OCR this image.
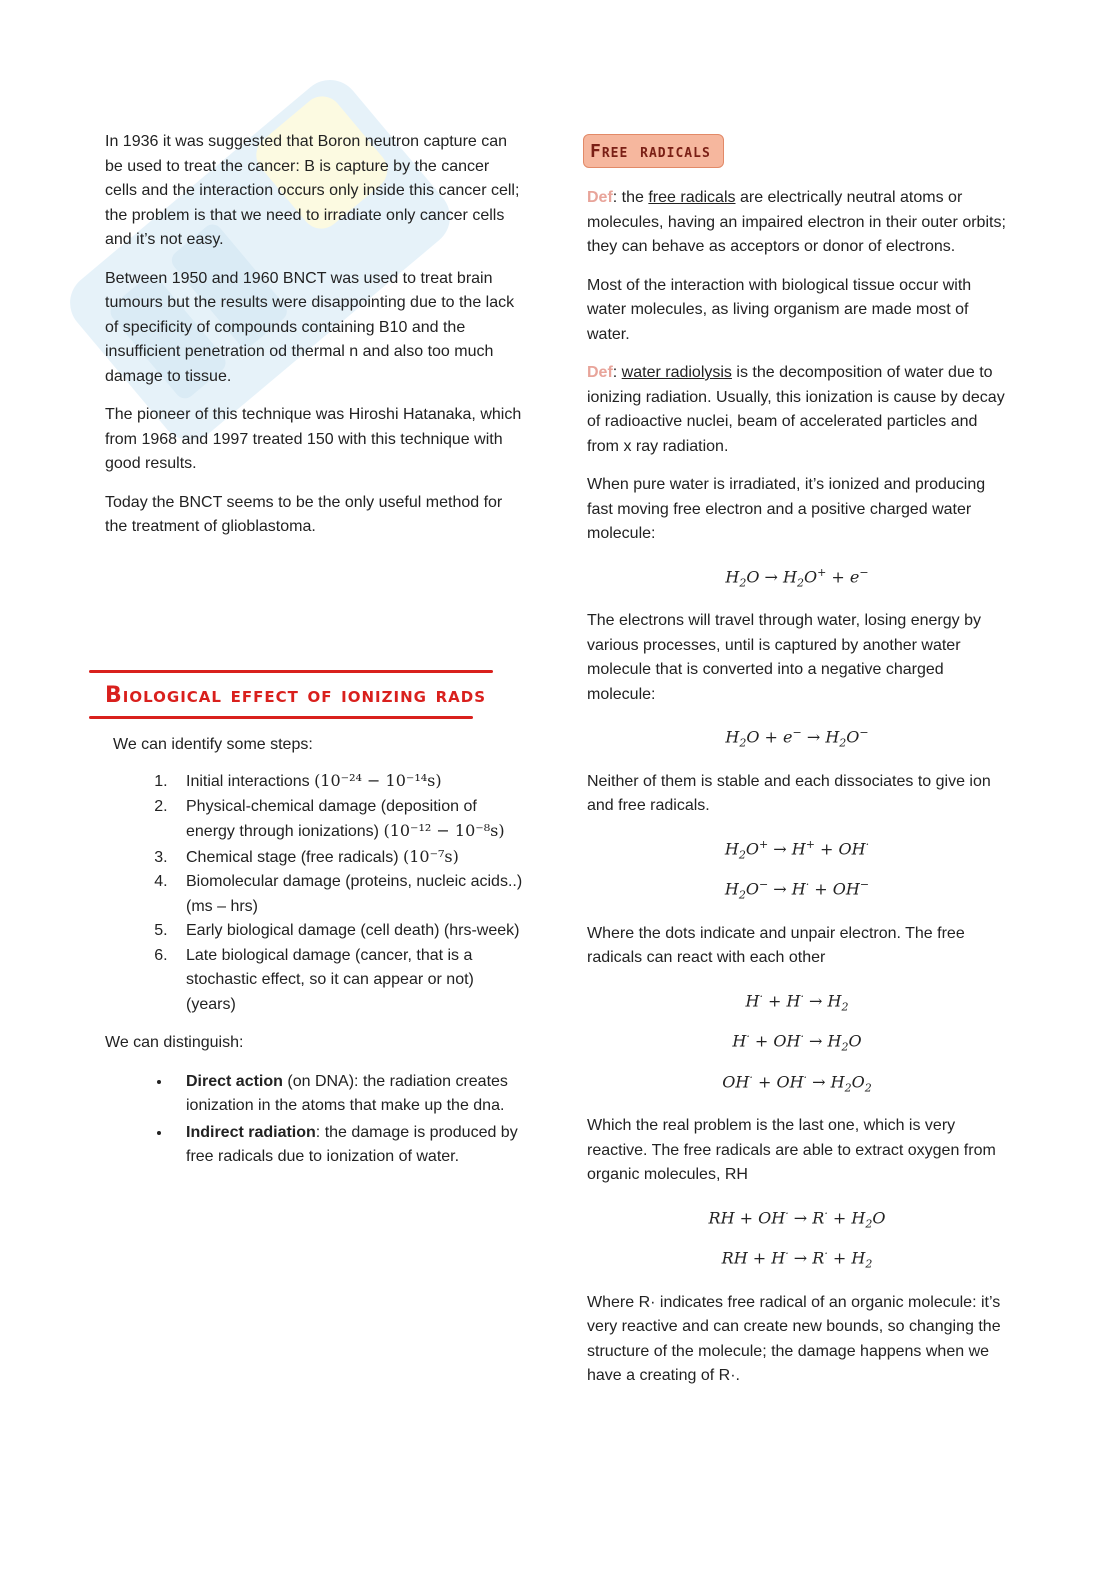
In 1936 it was suggested that Boron neutron capture can be used to treat the cancer: B is capture by the cancer cells and the interaction occurs only inside this cancer cell; the problem is that we need to irradiate only cancer cells and it’s not easy.

Between 1950 and 1960 BNCT was used to treat brain tumours but the results were disappointing due to the lack of specificity of compounds containing B10 and the insufficient penetration od thermal n and also too much damage to tissue.

The pioneer of this technique was Hiroshi Hatanaka, which from 1968 and 1997 treated 150 with this technique with good results.

Today the BNCT seems to be the only useful method for the treatment of glioblastoma.

Biological effect of ionizing rads

We can identify some steps:

1. Initial interactions (10⁻²⁴ − 10⁻¹⁴s)
2. Physical-chemical damage (deposition of energy through ionizations) (10⁻¹² − 10⁻⁸s)
3. Chemical stage (free radicals) (10⁻⁷s)
4. Biomolecular damage (proteins, nucleic acids..) (ms – hrs)
5. Early biological damage (cell death) (hrs-week)
6. Late biological damage (cancer, that is a stochastic effect, so it can appear or not) (years)

We can distinguish:

• Direct action (on DNA): the radiation creates ionization in the atoms that make up the dna.
• Indirect radiation: the damage is produced by free radicals due to ionization of water.
Free radicals

Def: the free radicals are electrically neutral atoms or molecules, having an impaired electron in their outer orbits; they can behave as acceptors or donor of electrons.

Most of the interaction with biological tissue occur with water molecules, as living organism are made most of water.

Def: water radiolysis is the decomposition of water due to ionizing radiation. Usually, this ionization is cause by decay of radioactive nuclei, beam of accelerated particles and from x ray radiation.

When pure water is irradiated, it’s ionized and producing fast moving free electron and a positive charged water molecule:

$H_2O \to H_2O^+ + e^-$

The electrons will travel through water, losing energy by various processes, until is captured by another water molecule that is converted into a negative charged molecule:

$H_2O + e^- \to H_2O^-$

Neither of them is stable and each dissociates to give ion and free radicals.

$H_2O^+ \to H^+ + OH^\cdot$
$H_2O^- \to H^\cdot + OH^-$

Where the dots indicate and unpair electron. The free radicals can react with each other

$H^\cdot + H^\cdot \to H_2$
$H^\cdot + OH^\cdot \to H_2O$
$OH^\cdot + OH^\cdot \to H_2O_2$

Which the real problem is the last one, which is very reactive. The free radicals are able to extract oxygen from organic molecules, RH

RH + $OH^\cdot \to R^\cdot + H_2O$
RH + $H^\cdot \to R^\cdot + H_2$

Where R· indicates free radical of an organic molecule: it’s very reactive and can create new bounds, so changing the structure of the molecule; the damage happens when we have a creating of R·.
